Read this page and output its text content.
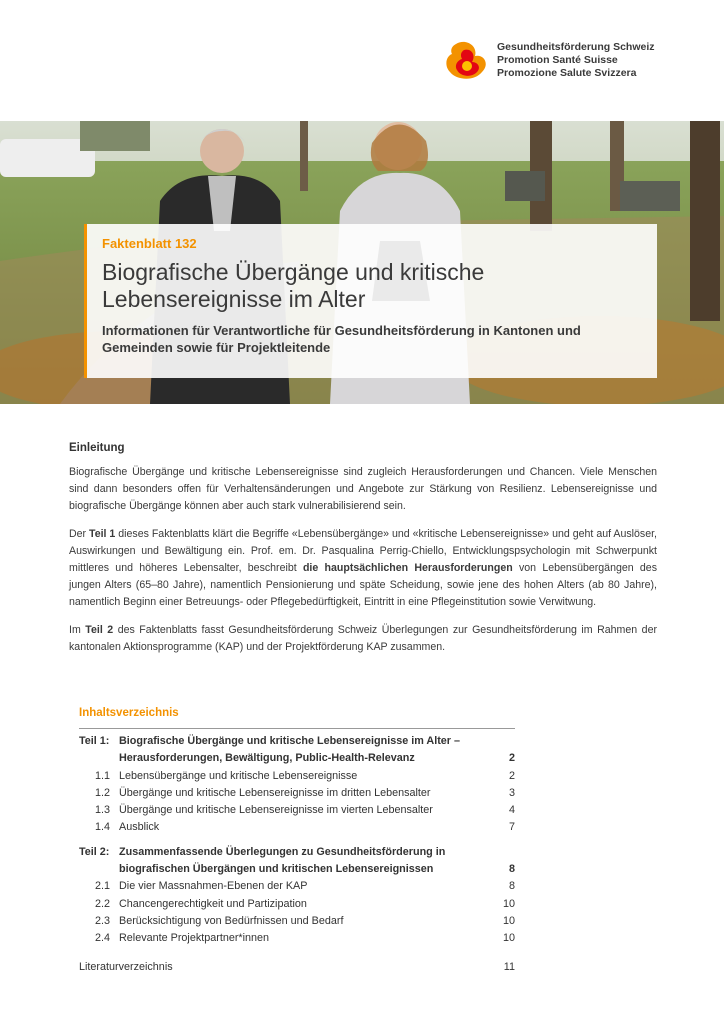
Gesundheitsförderung Schweiz
Promotion Santé Suisse
Promozione Salute Svizzera
Faktenblatt 132
Biografische Übergänge und kritische Lebensereignisse im Alter
Informationen für Verantwortliche für Gesundheitsförderung in Kantonen und Gemeinden sowie für Projektleitende
Einleitung

Biografische Übergänge und kritische Lebensereignisse sind zugleich Herausforderungen und Chancen. Viele Menschen sind dann besonders offen für Verhaltensänderungen und Angebote zur Stärkung von Resilienz. Lebensereignisse und biografische Übergänge können aber auch stark vulnerabilisierend sein.

Der Teil 1 dieses Faktenblatts klärt die Begriffe «Lebensübergänge» und «kritische Lebensereignisse» und geht auf Auslöser, Auswirkungen und Bewältigung ein. Prof. em. Dr. Pasqualina Perrig-Chiello, Entwicklungspsychologin mit Schwerpunkt mittleres und höheres Lebensalter, beschreibt die hauptsächlichen Herausforderungen von Lebensübergängen des jungen Alters (65–80 Jahre), namentlich Pensionierung und späte Scheidung, sowie jene des hohen Alters (ab 80 Jahre), namentlich Beginn einer Betreuungs- oder Pflegebedürftigkeit, Eintritt in eine Pflegeinstitution sowie Verwitwung.

Im Teil 2 des Faktenblatts fasst Gesundheitsförderung Schweiz Überlegungen zur Gesundheitsförderung im Rahmen der kantonalen Aktionsprogramme (KAP) und der Projektförderung KAP zusammen.

Inhaltsverzeichnis
Teil 1: Biografische Übergänge und kritische Lebensereignisse im Alter – Herausforderungen, Bewältigung, Public-Health-Relevanz	2
1.1 Lebensübergänge und kritische Lebensereignisse	2
1.2 Übergänge und kritische Lebensereignisse im dritten Lebensalter	3
1.3 Übergänge und kritische Lebensereignisse im vierten Lebensalter	4
1.4 Ausblick	7
Teil 2: Zusammenfassende Überlegungen zu Gesundheitsförderung in biografischen Übergängen und kritischen Lebensereignissen	8
2.1 Die vier Massnahmen-Ebenen der KAP	8
2.2 Chancengerechtigkeit und Partizipation	10
2.3 Berücksichtigung von Bedürfnissen und Bedarf	10
2.4 Relevante Projektpartner*innen	10
Literaturverzeichnis	11
